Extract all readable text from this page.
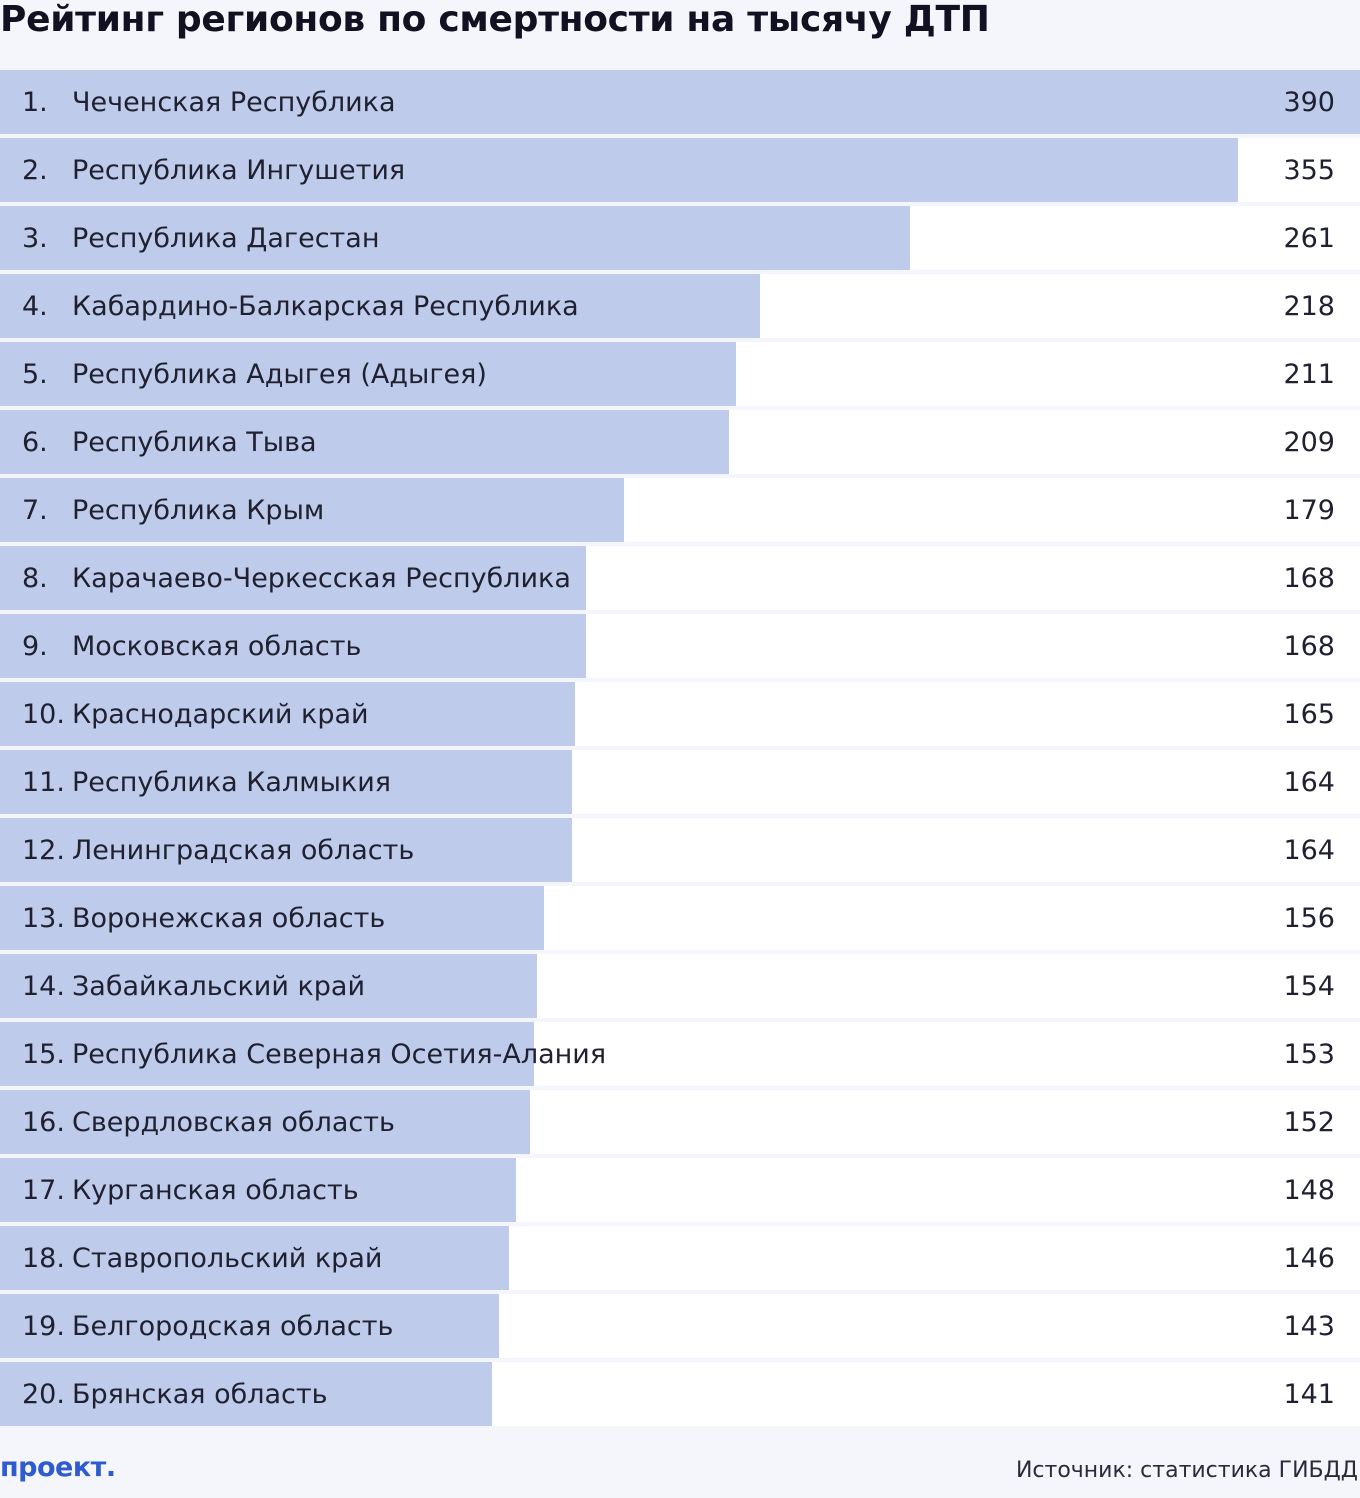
Рейтинг регионов по смертности на тысячу ДТП
1. Чеченская Республика	390
2. Республика Ингушетия	355
3. Республика Дагестан	261
4. Кабардино-Балкарская Республика	218
5. Республика Адыгея (Адыгея)	211
6. Республика Тыва	209
7. Республика Крым	179
8. Карачаево-Черкесская Республика	168
9. Московская область	168
10. Краснодарский край	165
11. Республика Калмыкия	164
12. Ленинградская область	164
13. Воронежская область	156
14. Забайкальский край	154
15. Республика Северная Осетия-Алания	153
16. Свердловская область	152
17. Курганская область	148
18. Ставропольский край	146
19. Белгородская область	143
20. Брянская область	141
проект.	Источник: статистика ГИБДД
